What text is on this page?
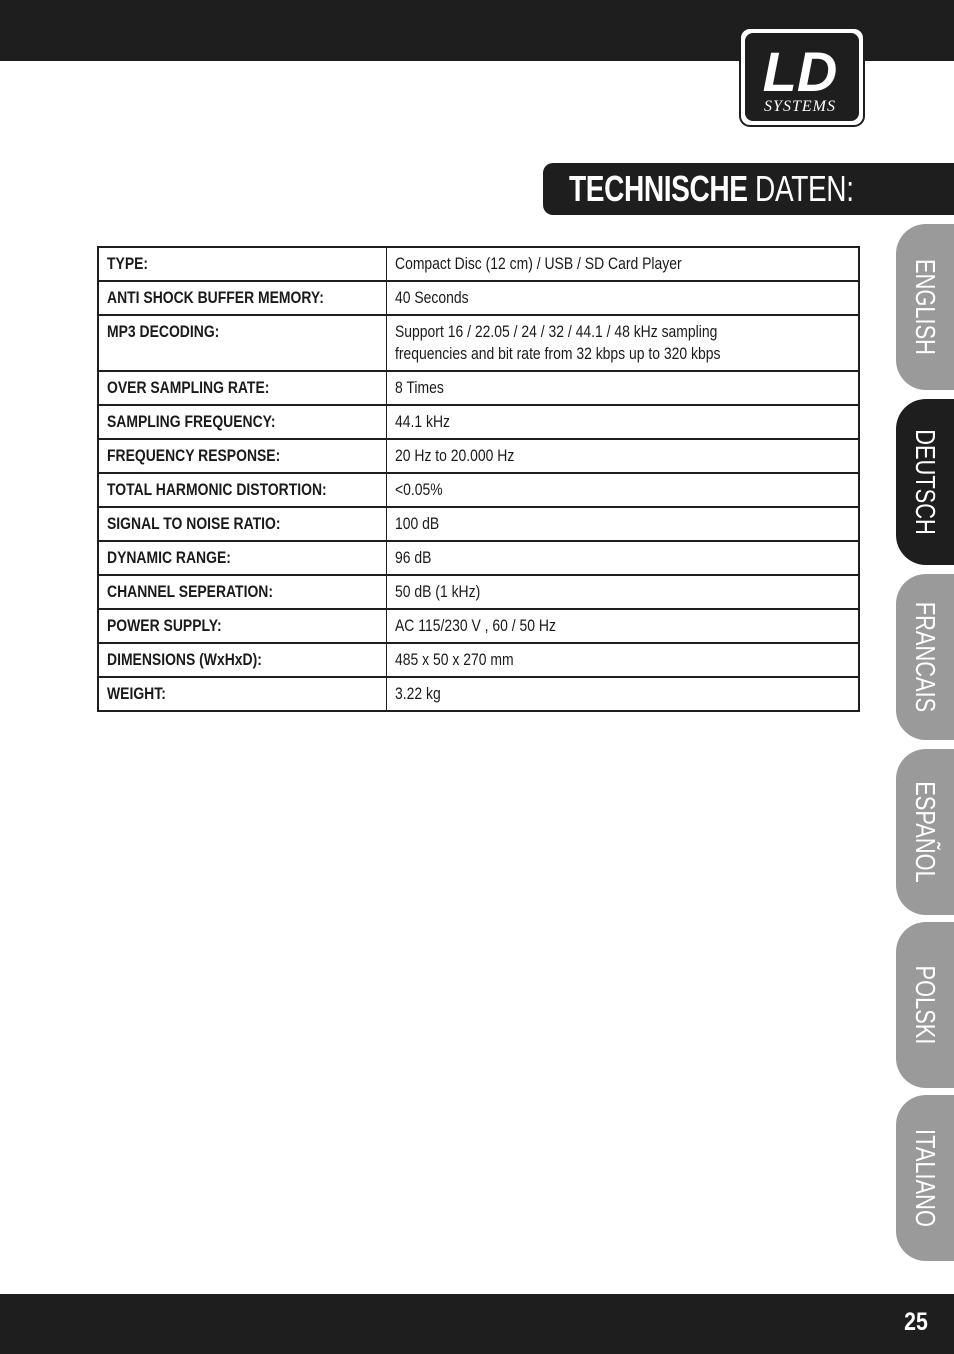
LD
SYSTEMS
TECHNISCHE DATEN:
TYPE:	Compact Disc (12 cm) / USB / SD Card Player
ANTI SHOCK BUFFER MEMORY:	40 Seconds
MP3 DECODING:	Support 16 / 22.05 / 24 / 32 / 44.1 / 48 kHz sampling frequencies and bit rate from 32 kbps up to 320 kbps

OVER SAMPLING RATE:	8 Times
SAMPLING FREQUENCY:	44.1 kHz
FREQUENCY RESPONSE:	20 Hz to 20.000 Hz
TOTAL HARMONIC DISTORTION:	<0.05%
SIGNAL TO NOISE RATIO:	100 dB
DYNAMIC RANGE:	96 dB
CHANNEL SEPERATION:	50 dB (1 kHz)
POWER SUPPLY:	AC 115/230 V , 60 / 50 Hz
DIMENSIONS (WxHxD):	485 x 50 x 270 mm
WEIGHT:	3.22 kg
ENGLISH
DEUTSCH
FRANCAIS
ESPAÑOL
POLSKI
ITALIANO
25
